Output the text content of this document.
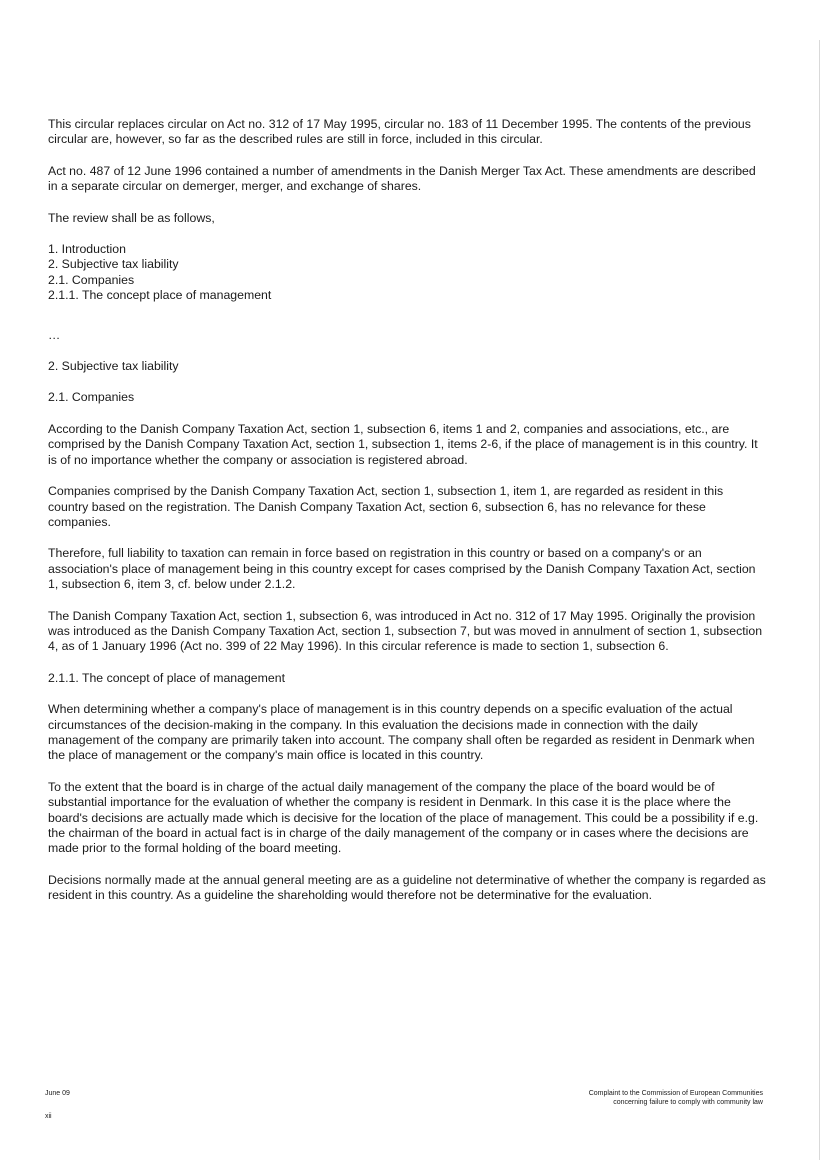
This circular replaces circular on Act no. 312 of 17 May 1995, circular no. 183 of 11 December 1995. The contents of the previous circular are, however, so far as the described rules are still in force, included in this circular.

Act no. 487 of 12 June 1996 contained a number of amendments in the Danish Merger Tax Act. These amendments are described in a separate circular on demerger, merger, and exchange of shares.

The review shall be as follows,

1. Introduction
2. Subjective tax liability
2.1. Companies
2.1.1. The concept place of management

…

2. Subjective tax liability

2.1. Companies

According to the Danish Company Taxation Act, section 1, subsection 6, items 1 and 2, companies and associations, etc., are comprised by the Danish Company Taxation Act, section 1, subsection 1, items 2-6, if the place of management is in this country. It is of no importance whether the company or association is registered abroad.

Companies comprised by the Danish Company Taxation Act, section 1, subsection 1, item 1, are regarded as resident in this country based on the registration. The Danish Company Taxation Act, section 6, subsection 6, has no relevance for these companies.

Therefore, full liability to taxation can remain in force based on registration in this country or based on a company's or an association's place of management being in this country except for cases comprised by the Danish Company Taxation Act, section 1, subsection 6, item 3, cf. below under 2.1.2.

The Danish Company Taxation Act, section 1, subsection 6, was introduced in Act no. 312 of 17 May 1995. Originally the provision was introduced as the Danish Company Taxation Act, section 1, subsection 7, but was moved in annulment of section 1, subsection 4, as of 1 January 1996 (Act no. 399 of 22 May 1996). In this circular reference is made to section 1, subsection 6.

2.1.1. The concept of place of management

When determining whether a company's place of management is in this country depends on a specific evaluation of the actual circumstances of the decision-making in the company. In this evaluation the decisions made in connection with the daily management of the company are primarily taken into account. The company shall often be regarded as resident in Denmark when the place of management or the company's main office is located in this country.

To the extent that the board is in charge of the actual daily management of the company the place of the board would be of substantial importance for the evaluation of whether the company is resident in Denmark. In this case it is the place where the board's decisions are actually made which is decisive for the location of the place of management. This could be a possibility if e.g. the chairman of the board in actual fact is in charge of the daily management of the company or in cases where the decisions are made prior to the formal holding of the board meeting.

Decisions normally made at the annual general meeting are as a guideline not determinative of whether the company is regarded as resident in this country. As a guideline the shareholding would therefore not be determinative for the evaluation.

June 09
xii
Complaint to the Commission of European Communities
concerning failure to comply with community law
